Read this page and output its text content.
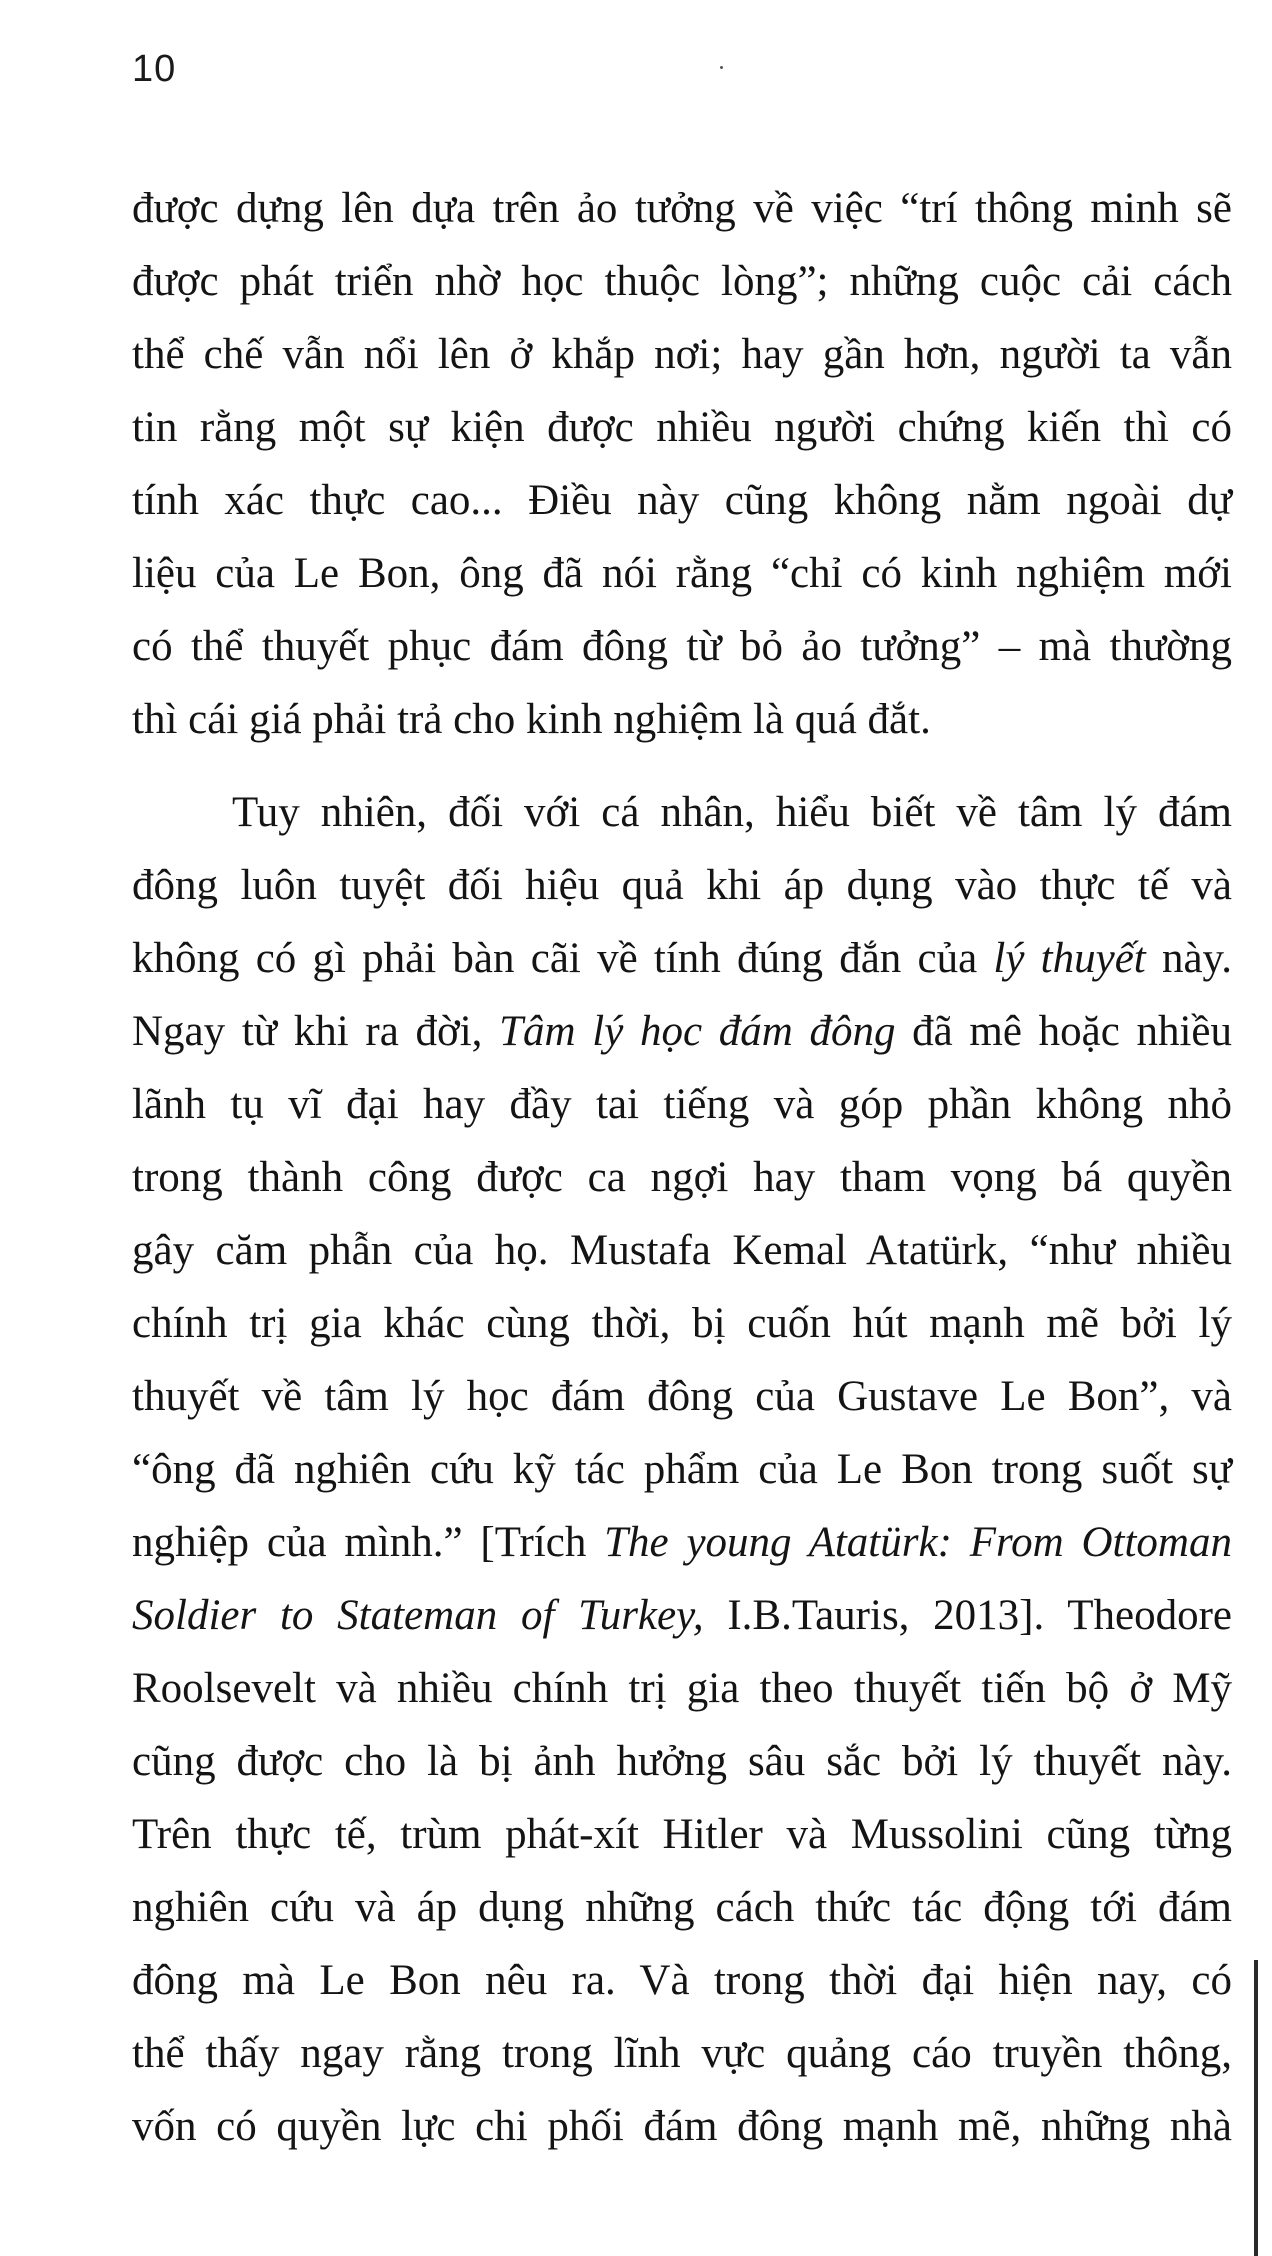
10
được dựng lên dựa trên ảo tưởng về việc “trí thông minh sẽ
được phát triển nhờ học thuộc lòng”; những cuộc cải cách
thể chế vẫn nổi lên ở khắp nơi; hay gần hơn, người ta vẫn
tin rằng một sự kiện được nhiều người chứng kiến thì có
tính xác thực cao... Điều này cũng không nằm ngoài dự
liệu của Le Bon, ông đã nói rằng “chỉ có kinh nghiệm mới
có thể thuyết phục đám đông từ bỏ ảo tưởng” – mà thường
thì cái giá phải trả cho kinh nghiệm là quá đắt.
Tuy nhiên, đối với cá nhân, hiểu biết về tâm lý đám
đông luôn tuyệt đối hiệu quả khi áp dụng vào thực tế và
không có gì phải bàn cãi về tính đúng đắn của lý thuyết này.
Ngay từ khi ra đời, Tâm lý học đám đông đã mê hoặc nhiều
lãnh tụ vĩ đại hay đầy tai tiếng và góp phần không nhỏ
trong thành công được ca ngợi hay tham vọng bá quyền
gây căm phẫn của họ. Mustafa Kemal Atatürk, “như nhiều
chính trị gia khác cùng thời, bị cuốn hút mạnh mẽ bởi lý
thuyết về tâm lý học đám đông của Gustave Le Bon”, và
“ông đã nghiên cứu kỹ tác phẩm của Le Bon trong suốt sự
nghiệp của mình.” [Trích The young Atatürk: From Ottoman
Soldier to Stateman of Turkey, I.B.Tauris, 2013]. Theodore
Roolsevelt và nhiều chính trị gia theo thuyết tiến bộ ở Mỹ
cũng được cho là bị ảnh hưởng sâu sắc bởi lý thuyết này.
Trên thực tế, trùm phát-xít Hitler và Mussolini cũng từng
nghiên cứu và áp dụng những cách thức tác động tới đám
đông mà Le Bon nêu ra. Và trong thời đại hiện nay, có
thể thấy ngay rằng trong lĩnh vực quảng cáo truyền thông,
vốn có quyền lực chi phối đám đông mạnh mẽ, những nhà
